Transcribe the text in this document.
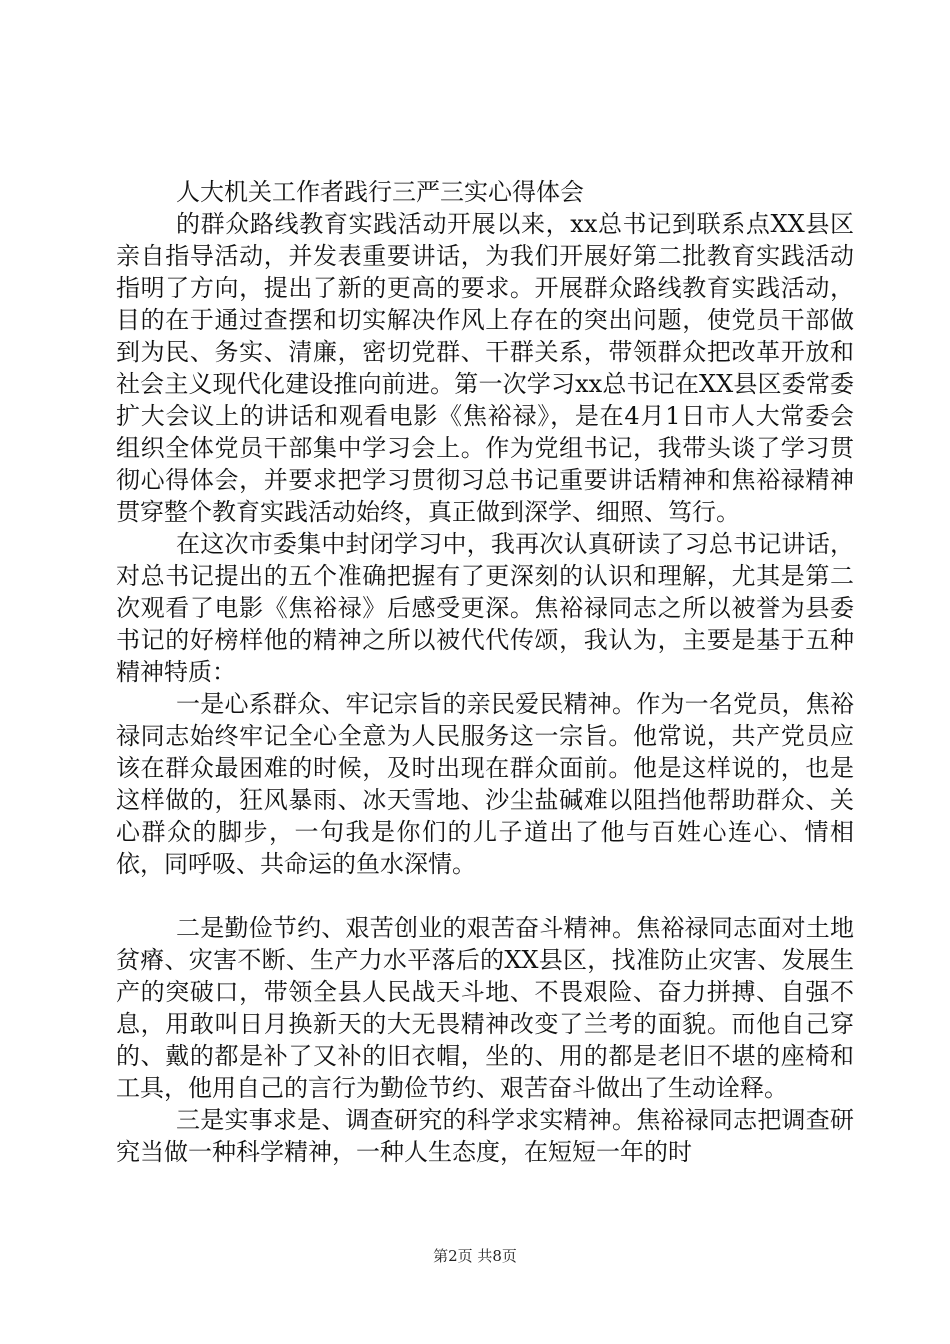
人大机关工作者践行三严三实心得体会

的群众路线教育实践活动开展以来，xx总书记到联系点XX县区亲自指导活动，并发表重要讲话，为我们开展好第二批教育实践活动指明了方向，提出了新的更高的要求。开展群众路线教育实践活动，目的在于通过查摆和切实解决作风上存在的突出问题，使党员干部做到为民、务实、清廉，密切党群、干群关系，带领群众把改革开放和社会主义现代化建设推向前进。第一次学习xx总书记在XX县区委常委扩大会议上的讲话和观看电影《焦裕禄》，是在4月1日市人大常委会组织全体党员干部集中学习会上。作为党组书记，我带头谈了学习贯彻心得体会，并要求把学习贯彻习总书记重要讲话精神和焦裕禄精神贯穿整个教育实践活动始终，真正做到深学、细照、笃行。

在这次市委集中封闭学习中，我再次认真研读了习总书记讲话，对总书记提出的五个准确把握有了更深刻的认识和理解，尤其是第二次观看了电影《焦裕禄》后感受更深。焦裕禄同志之所以被誉为县委书记的好榜样他的精神之所以被代代传颂，我认为，主要是基于五种精神特质：

一是心系群众、牢记宗旨的亲民爱民精神。作为一名党员，焦裕禄同志始终牢记全心全意为人民服务这一宗旨。他常说，共产党员应该在群众最困难的时候，及时出现在群众面前。他是这样说的，也是这样做的，狂风暴雨、冰天雪地、沙尘盐碱难以阻挡他帮助群众、关心群众的脚步，一句我是你们的儿子道出了他与百姓心连心、情相依，同呼吸、共命运的鱼水深情。

二是勤俭节约、艰苦创业的艰苦奋斗精神。焦裕禄同志面对土地贫瘠、灾害不断、生产力水平落后的XX县区，找准防止灾害、发展生产的突破口，带领全县人民战天斗地、不畏艰险、奋力拼搏、自强不息，用敢叫日月换新天的大无畏精神改变了兰考的面貌。而他自己穿的、戴的都是补了又补的旧衣帽，坐的、用的都是老旧不堪的座椅和工具，他用自己的言行为勤俭节约、艰苦奋斗做出了生动诠释。

三是实事求是、调查研究的科学求实精神。焦裕禄同志把调查研究当做一种科学精神，一种人生态度，在短短一年的时

第2页 共8页
